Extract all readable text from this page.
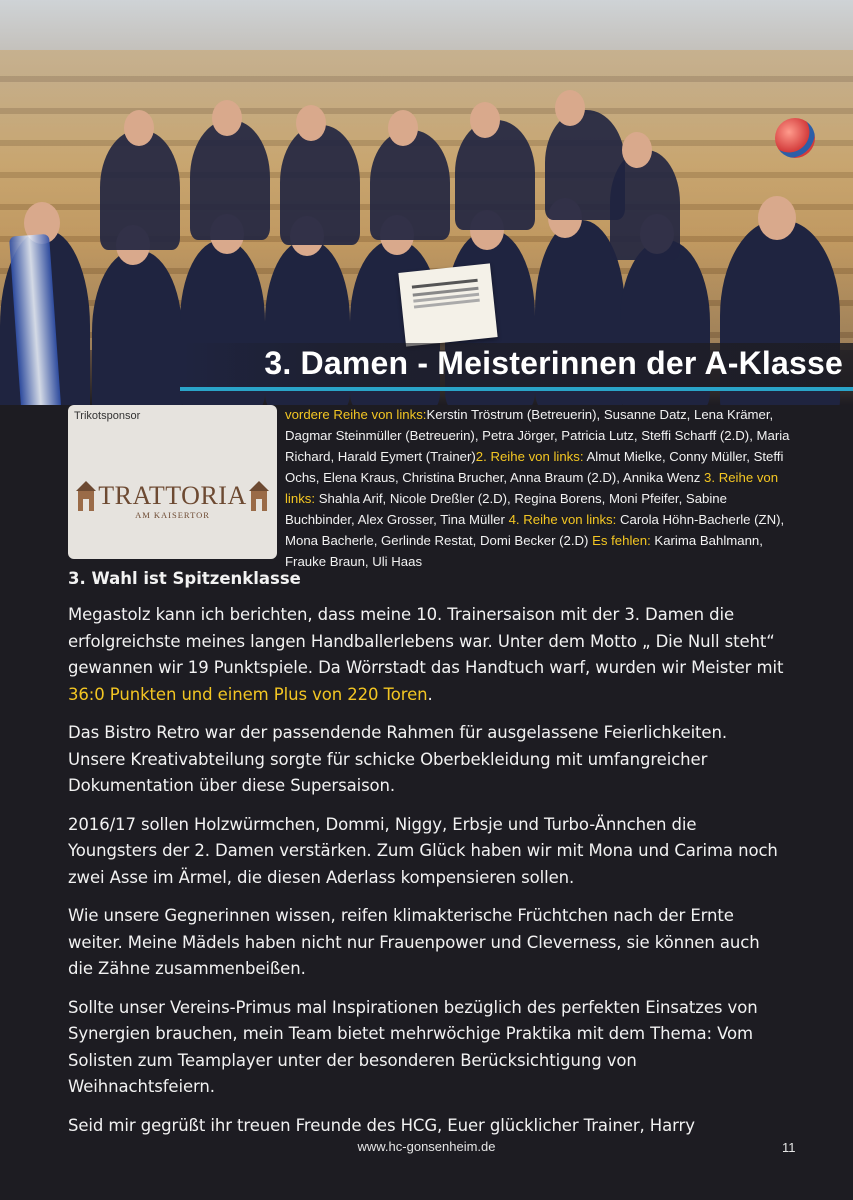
3. Damen - Meisterinnen der A-Klasse
Trikotsponsor
TRATTORIA
AM KAISERTOR
vordere Reihe von links:Kerstin Tröstrum (Betreuerin), Susanne Datz, Lena Krämer, Dagmar Steinmüller (Betreuerin), Petra Jörger, Patricia Lutz, Steffi Scharff (2.D), Maria Richard, Harald Eymert (Trainer)2. Reihe von links: Almut Mielke, Conny Müller, Steffi Ochs, Elena Kraus, Christina Brucher, Anna Braum (2.D), Annika Wenz 3. Reihe von links: Shahla Arif, Nicole Dreßler (2.D), Regina Borens, Moni Pfeifer, Sabine Buchbinder, Alex Grosser, Tina Müller 4. Reihe von links: Carola Höhn-Bacherle (ZN), Mona Bacherle, Gerlinde Restat, Domi Becker (2.D) Es fehlen: Karima Bahlmann, Frauke Braun, Uli Haas
3. Wahl ist Spitzenklasse

Megastolz kann ich berichten, dass meine 10. Trainersaison mit der 3. Damen die erfolgreichste meines langen Handballerlebens war. Unter dem Motto „ Die Null steht“ gewannen wir 19 Punktspiele. Da Wörrstadt das Handtuch warf, wurden wir Meister mit 36:0 Punkten und einem Plus von 220 Toren.

Das Bistro Retro war der passendende Rahmen für ausgelassene Feierlichkeiten. Unsere Kreativabteilung sorgte für schicke Oberbekleidung mit umfangreicher Dokumentation über diese Supersaison.

2016/17 sollen Holzwürmchen, Dommi, Niggy, Erbsje und Turbo-Ännchen die Youngsters der 2. Damen verstärken. Zum Glück haben wir mit Mona und Carima noch zwei Asse im Ärmel, die diesen Aderlass kompensieren sollen.

Wie unsere Gegnerinnen wissen, reifen klimakterische Früchtchen nach der Ernte weiter. Meine Mädels haben nicht nur Frauenpower und Cleverness, sie können auch die Zähne zusammenbeißen.

Sollte unser Vereins-Primus mal Inspirationen bezüglich des perfekten Einsatzes von Synergien brauchen, mein Team bietet mehrwöchige Praktika mit dem Thema: Vom Solisten zum Teamplayer unter der besonderen Berücksichtigung von Weihnachtsfeiern.

Seid mir gegrüßt ihr treuen Freunde des HCG, Euer glücklicher Trainer, Harry

www.hc-gonsenheim.de	11
